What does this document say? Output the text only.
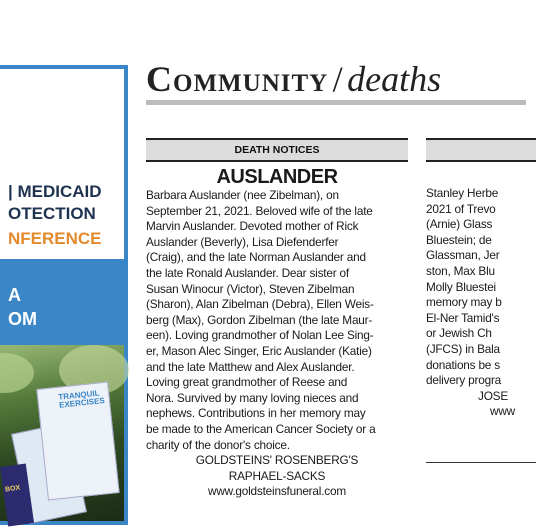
| MEDICAID
OTECTION
NFERENCE
A
OM
TRANQUIL EXERCISES
BOX
Community / deaths
DEATH NOTICES
AUSLANDER
Barbara Auslander (nee Zibelman), on
September 21, 2021. Beloved wife of the late
Marvin Auslander. Devoted mother of Rick
Auslander (Beverly), Lisa Diefenderfer
(Craig), and the late Norman Auslander and
the late Ronald Auslander. Dear sister of
Susan Winocur (Victor), Steven Zibelman
(Sharon), Alan Zibelman (Debra), Ellen Weis-
berg (Max), Gordon Zibelman (the late Maur-
een). Loving grandmother of Nolan Lee Sing-
er, Mason Alec Singer, Eric Auslander (Katie)
and the late Matthew and Alex Auslander.
Loving great grandmother of Reese and
Nora. Survived by many loving nieces and
nephews. Contributions in her memory may
be made to the American Cancer Society or a
charity of the donor's choice.
GOLDSTEINS' ROSENBERG'S
RAPHAEL-SACKS
www.goldsteinsfuneral.com
Stanley Herbe
2021 of Trevo
(Arnie) Glass
Bluestein; de
Glassman, Jer
ston, Max Blu
Molly Bluestei
memory may b
El-Ner Tamid's
or Jewish Ch
(JFCS) in Bala
donations be s
delivery progra
JOSE
www
